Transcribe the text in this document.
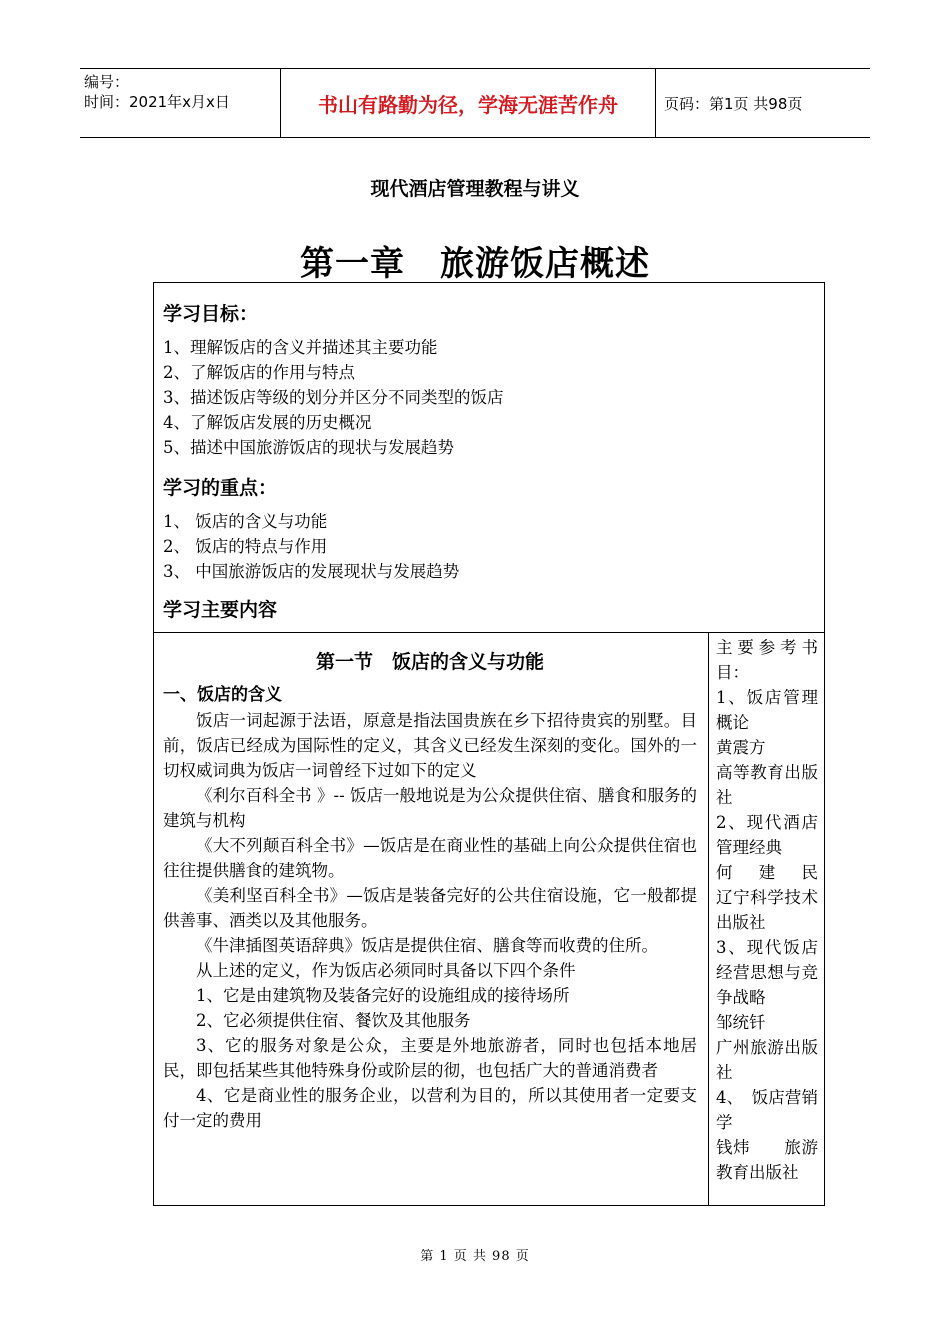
编号：
时间：2021年x月x日	书山有路勤为径，学海无涯苦作舟	页码：第1页 共98页
现代酒店管理教程与讲义
第一章　旅游饭店概述
学习目标：
1、理解饭店的含义并描述其主要功能
2、了解饭店的作用与特点
3、描述饭店等级的划分并区分不同类型的饭店
4、了解饭店发展的历史概况
5、描述中国旅游饭店的现状与发展趋势
学习的重点：
1、 饭店的含义与功能
2、 饭店的特点与作用
3、 中国旅游饭店的发展现状与发展趋势
学习主要内容
第一节　饭店的含义与功能
一、饭店的含义

饭店一词起源于法语，原意是指法国贵族在乡下招待贵宾的别墅。目前，饭店已经成为国际性的定义，其含义已经发生深刻的变化。国外的一切权威词典为饭店一词曾经下过如下的定义

《利尔百科全书 》-- 饭店一般地说是为公众提供住宿、膳食和服务的建筑与机构

《大不列颠百科全书》—饭店是在商业性的基础上向公众提供住宿也往往提供膳食的建筑物。

《美利坚百科全书》—饭店是装备完好的公共住宿设施，它一般都提供善事、酒类以及其他服务。

《牛津插图英语辞典》饭店是提供住宿、膳食等而收费的住所。

从上述的定义，作为饭店必须同时具备以下四个条件

1、它是由建筑物及装备完好的设施组成的接待场所

2、它必须提供住宿、餐饮及其他服务

3、它的服务对象是公众，主要是外地旅游者，同时也包括本地居民，即包括某些其他特殊身份或阶层的彻，也包括广大的普通消费者

4、它是商业性的服务企业，以营利为目的，所以其使用者一定要支付一定的费用

主要参考书目：
1、饭店管理概论
黄震方
高等教育出版社
2、现代酒店管理经典
何　建　民
辽宁科学技术出版社
3、现代饭店经营思想与竞争战略
邹统钎
广州旅游出版社
4、　饭店营销学
钱炜　　旅游教育出版社
第 1 页 共 98 页
